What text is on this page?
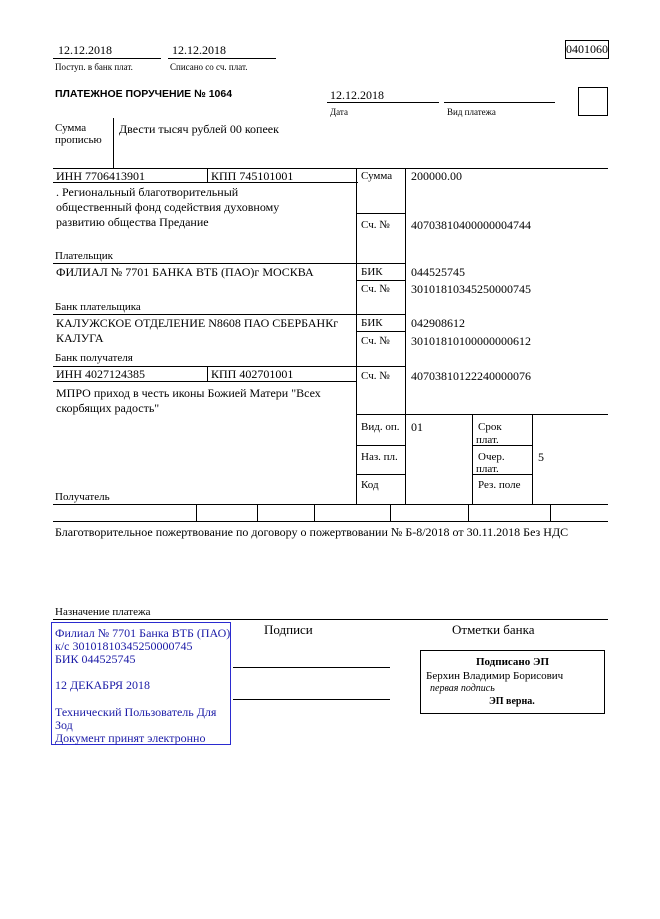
12.12.2018
Поступ. в банк плат.
12.12.2018
Списано со сч. плат.
0401060
ПЛАТЕЖНОЕ ПОРУЧЕНИЕ № 1064	12.12.2018
Дата	Вид платежа
Сумма
прописью
Двести тысяч рублей 00 копеек
ИНН 7706413901	КПП 745101001	Сумма 200000.00
. Региональный благотворительный
общественный фонд содействия духовному
развитию общества Предание	Сч. № 40703810400000004744
Плательщик
ФИЛИАЛ № 7701 БАНКА ВТБ (ПАО)г МОСКВА	БИК 044525745
Сч. № 30101810345250000745
Банк плательщика
КАЛУЖСКОЕ ОТДЕЛЕНИЕ N8608 ПАО СБЕРБАНКг
КАЛУГА
БИК 042908612
Сч. № 30101810100000000612
Банк получателя
ИНН 4027124385	КПП 402701001	Сч. № 40703810122240000076
МПРО приход в честь иконы Божией Матери "Всех
скорбящих радость"
Вид. оп. 01	Срок
плат.
Наз. пл.	Очер.
плат.
5
Код	Рез. поле
Получатель
Благотворительное пожертвование по договору о пожертвовании № Б-8/2018 от 30.11.2018 Без НДС
Назначение платежа
Подписи	Отметки банка
Филиал № 7701 Банка ВТБ (ПАО)
к/с 30101810345250000745
БИК 044525745
12 ДЕКАБРЯ 2018
Технический Пользователь Для
Зод
Документ принят электронно
Подписано ЭП
Берхин Владимир Борисович
первая подпись
ЭП верна.
